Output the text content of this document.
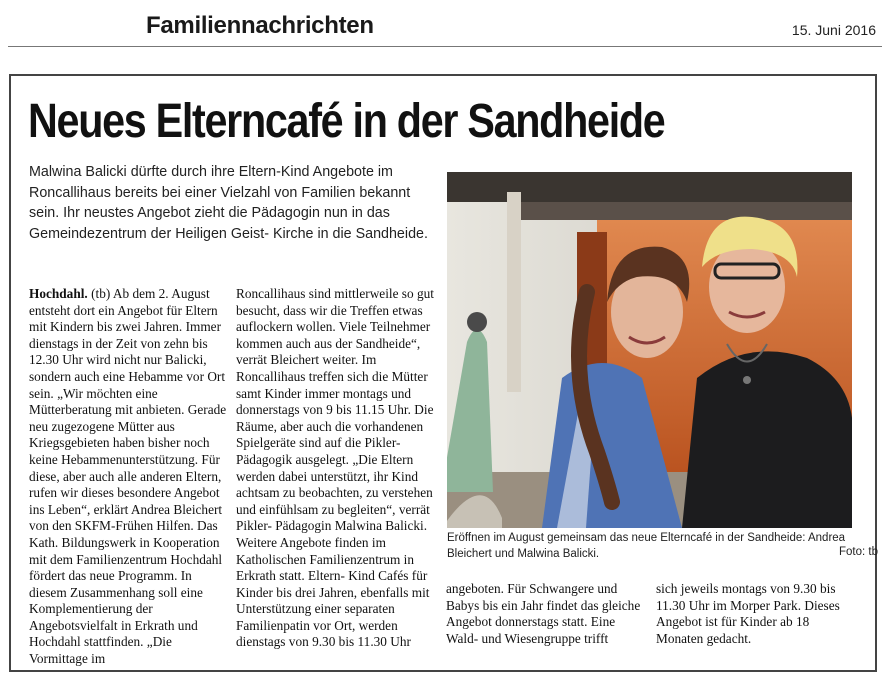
Familiennachrichten	15. Juni 2016
Neues Elterncafé in der Sandheide

Malwina Balicki dürfte durch ihre Eltern-Kind Angebote im Roncallihaus bereits bei einer Vielzahl von Familien bekannt sein. Ihr neustes Angebot zieht die Pädagogin nun in das Gemeindezentrum der Heiligen Geist- Kirche in die Sandheide.

Hochdahl. (tb) Ab dem 2. August entsteht dort ein Angebot für Eltern mit Kindern bis zwei Jahren. Immer dienstags in der Zeit von zehn bis 12.30 Uhr wird nicht nur Balicki, sondern auch eine Hebamme vor Ort sein. „Wir möchten eine Mütterberatung mit anbieten. Gerade neu zugezogene Mütter aus Kriegsgebieten haben bisher noch keine Hebammenunterstützung. Für diese, aber auch alle anderen Eltern, rufen wir dieses besondere Angebot ins Leben“, erklärt Andrea Bleichert von den SKFM-Frühen Hilfen. Das Kath. Bildungswerk in Kooperation mit dem Familienzentrum Hochdahl fördert das neue Programm. In diesem Zusammenhang soll eine Komplementierung der Angebotsvielfalt in Erkrath und Hochdahl stattfinden. „Die Vormittage im

Roncallihaus sind mittlerweile so gut besucht, dass wir die Treffen etwas auflockern wollen. Viele Teilnehmer kommen auch aus der Sandheide“, verrät Bleichert weiter. Im Roncallihaus treffen sich die Mütter samt Kinder immer montags und donnerstags von 9 bis 11.15 Uhr. Die Räume, aber auch die vorhandenen Spielgeräte sind auf die Pikler- Pädagogik ausgelegt. „Die Eltern werden dabei unterstützt, ihr Kind achtsam zu beobachten, zu verstehen und einfühlsam zu begleiten“, verrät Pikler- Pädagogin Malwina Balicki. Weitere Angebote finden im Katholischen Familienzentrum in Erkrath statt. Eltern- Kind Cafés für Kinder bis drei Jahren, ebenfalls mit Unterstützung einer separaten Familienpatin vor Ort, werden dienstags von 9.30 bis 11.30 Uhr

Eröffnen im August gemeinsam das neue Elterncafé in der Sandheide: Andrea Bleichert und Malwina Balicki.	Foto: tb

angeboten. Für Schwangere und Babys bis ein Jahr findet das gleiche Angebot donnerstags statt. Eine Wald- und Wiesengruppe trifft

sich jeweils montags von 9.30 bis 11.30 Uhr im Morper Park. Dieses Angebot ist für Kinder ab 18 Monaten gedacht.
